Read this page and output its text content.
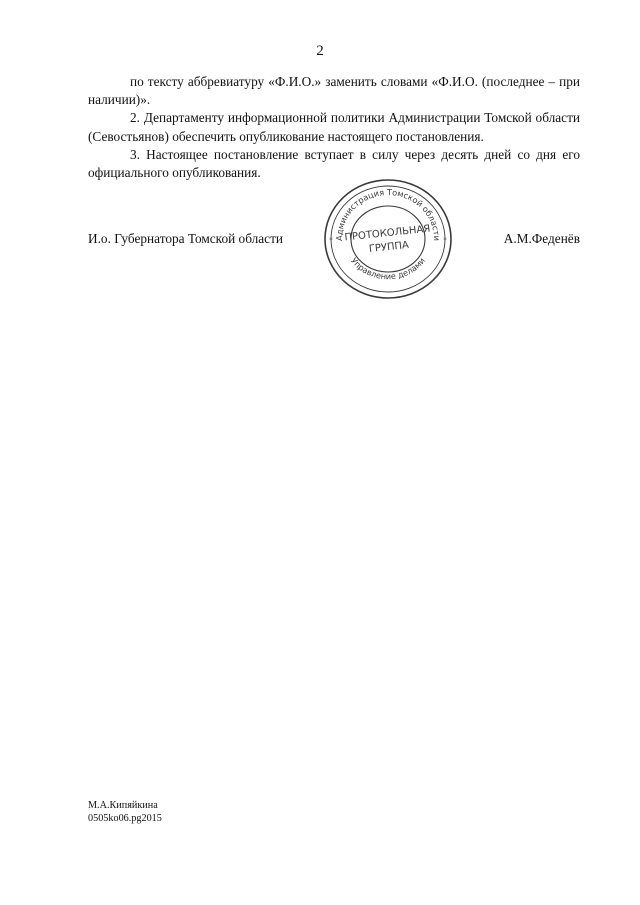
2

по тексту аббревиатуру «Ф.И.О.» заменить словами «Ф.И.О. (последнее – при наличии)».

2. Департаменту информационной политики Администрации Томской области (Севостьянов) обеспечить опубликование настоящего постановления.

3. Настоящее постановление вступает в силу через десять дней со дня его официального опубликования.

И.о. Губернатора Томской области	А.М.Феденёв
Администрация Томской области
Управление делами
ПРОТОКОЛЬНАЯ
ГРУППА
*	*
М.А.Кипяйкина
0505ko06.pg2015
